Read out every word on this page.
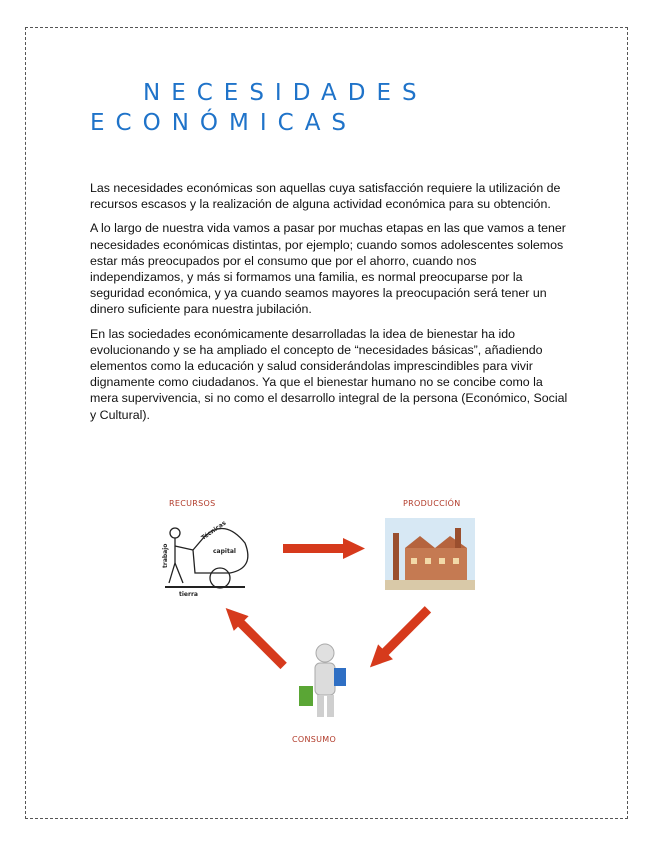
NECESIDADES ECONÓMICAS

Las necesidades económicas son aquellas cuya satisfacción requiere la utilización de recursos escasos y la realización de alguna actividad económica para su obtención.

A lo largo de nuestra vida vamos a pasar por muchas etapas en las que vamos a tener necesidades económicas distintas, por ejemplo; cuando somos adolescentes solemos estar más preocupados por el consumo que por el ahorro, cuando nos independizamos, y más si formamos una familia, es normal preocuparse por la seguridad económica, y ya cuando seamos mayores la preocupación será tener un dinero suficiente para nuestra jubilación.

En las sociedades económicamente desarrolladas la idea de bienestar ha ido evolucionando y se ha ampliado el concepto de “necesidades básicas”, añadiendo elementos como la educación y salud considerándolas imprescindibles para vivir dignamente como ciudadanos. Ya que el bienestar humano no se concibe como la mera supervivencia, si no como el desarrollo integral de la persona (Económico, Social y Cultural).

RECURSOS	PRODUCCIÓN
CONSUMO
trabajo	capital
tierra
Técnicas
